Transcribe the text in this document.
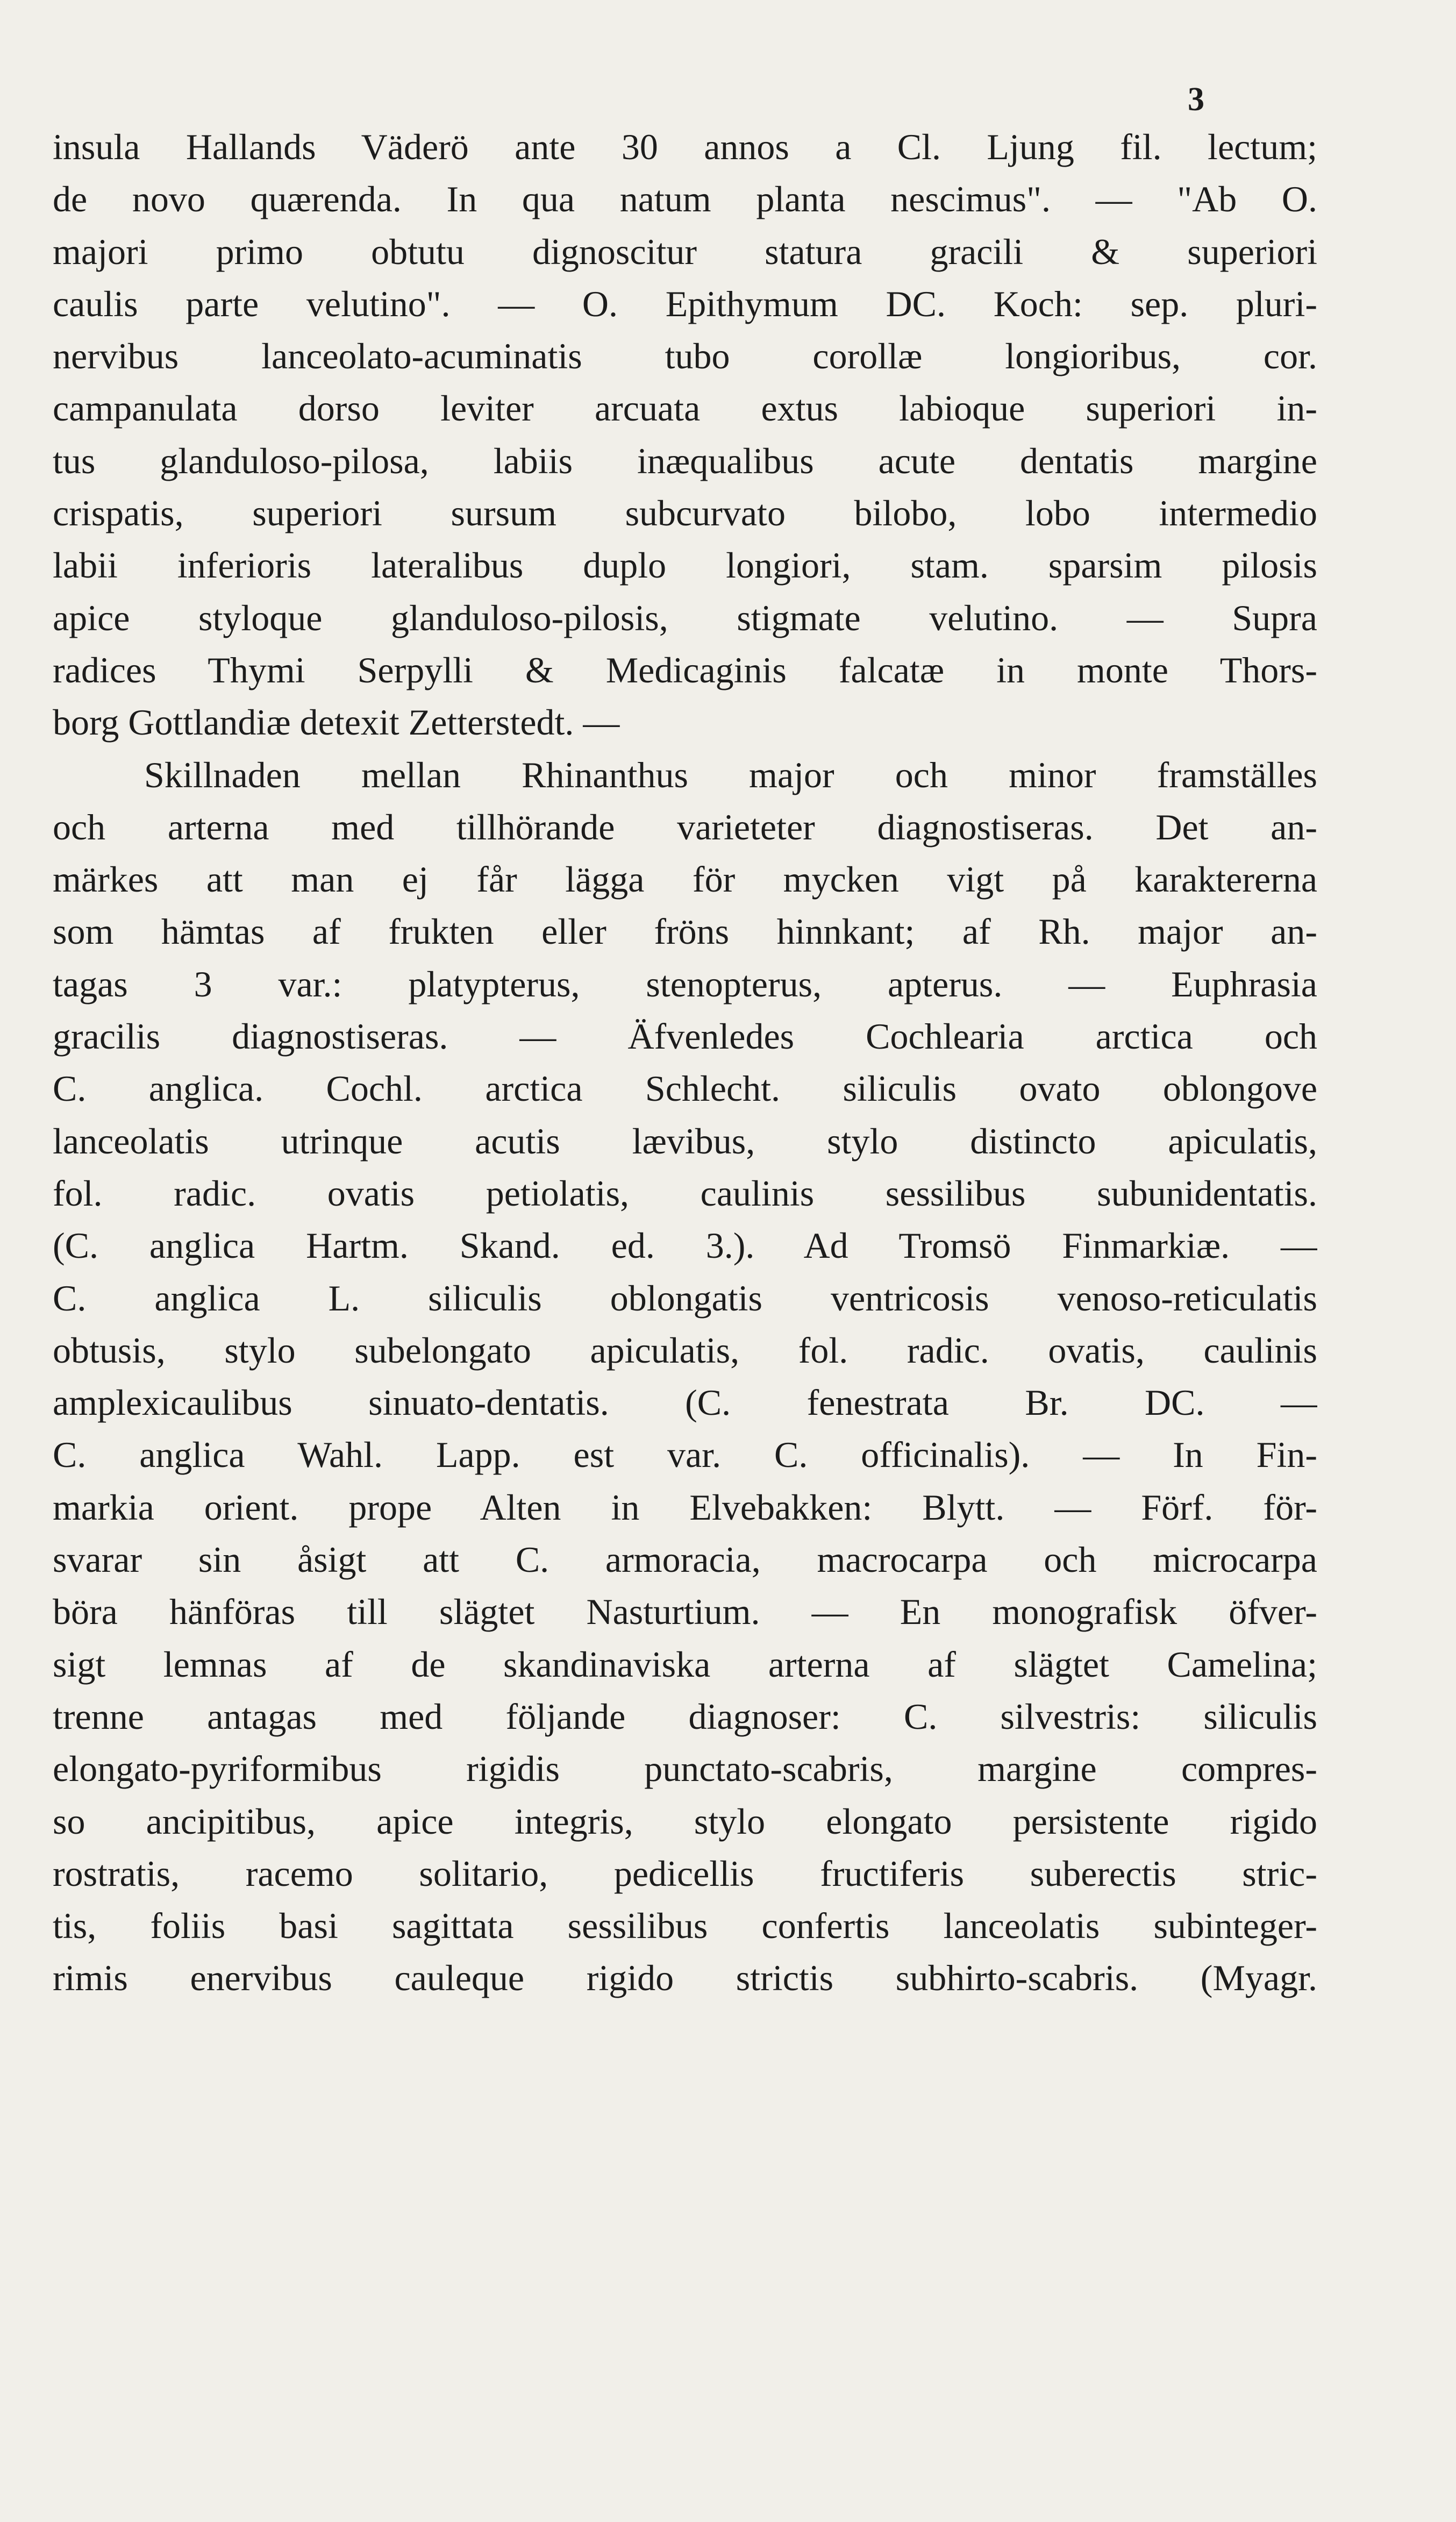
3
insula Hallands Väderö ante 30 annos a Cl. Ljung fil. lectum;
de novo quærenda. In qua natum planta nescimus". — "Ab O.
majori primo obtutu dignoscitur statura gracili & superiori
caulis parte velutino". — O. Epithymum DC. Koch: sep. pluri-
nervibus lanceolato-acuminatis tubo corollæ longioribus, cor.
campanulata dorso leviter arcuata extus labioque superiori in-
tus glanduloso-pilosa, labiis inæqualibus acute dentatis margine
crispatis, superiori sursum subcurvato bilobo, lobo intermedio
labii inferioris lateralibus duplo longiori, stam. sparsim pilosis
apice styloque glanduloso-pilosis, stigmate velutino. — Supra
radices Thymi Serpylli & Medicaginis falcatæ in monte Thors-
borg Gottlandiæ detexit Zetterstedt. —
Skillnaden mellan Rhinanthus major och minor framställes
och arterna med tillhörande varieteter diagnostiseras. Det an-
märkes att man ej får lägga för mycken vigt på karaktererna
som hämtas af frukten eller fröns hinnkant; af Rh. major an-
tagas 3 var.: platypterus, stenopterus, apterus. — Euphrasia
gracilis diagnostiseras. — Äfvenledes Cochlearia arctica och
C. anglica. Cochl. arctica Schlecht. siliculis ovato oblongove
lanceolatis utrinque acutis lævibus, stylo distincto apiculatis,
fol. radic. ovatis petiolatis, caulinis sessilibus subunidentatis.
(C. anglica Hartm. Skand. ed. 3.). Ad Tromsö Finmarkiæ. —
C. anglica L. siliculis oblongatis ventricosis venoso-reticulatis
obtusis, stylo subelongato apiculatis, fol. radic. ovatis, caulinis
amplexicaulibus sinuato-dentatis. (C. fenestrata Br. DC. —
C. anglica Wahl. Lapp. est var. C. officinalis). — In Fin-
markia orient. prope Alten in Elvebakken: Blytt. — Förf. för-
svarar sin åsigt att C. armoracia, macrocarpa och microcarpa
böra hänföras till slägtet Nasturtium. — En monografisk öfver-
sigt lemnas af de skandinaviska arterna af slägtet Camelina;
trenne antagas med följande diagnoser: C. silvestris: siliculis
elongato-pyriformibus rigidis punctato-scabris, margine compres-
so ancipitibus, apice integris, stylo elongato persistente rigido
rostratis, racemo solitario, pedicellis fructiferis suberectis stric-
tis, foliis basi sagittata sessilibus confertis lanceolatis subinteger-
rimis enervibus cauleque rigido strictis subhirto-scabris. (Myagr.
